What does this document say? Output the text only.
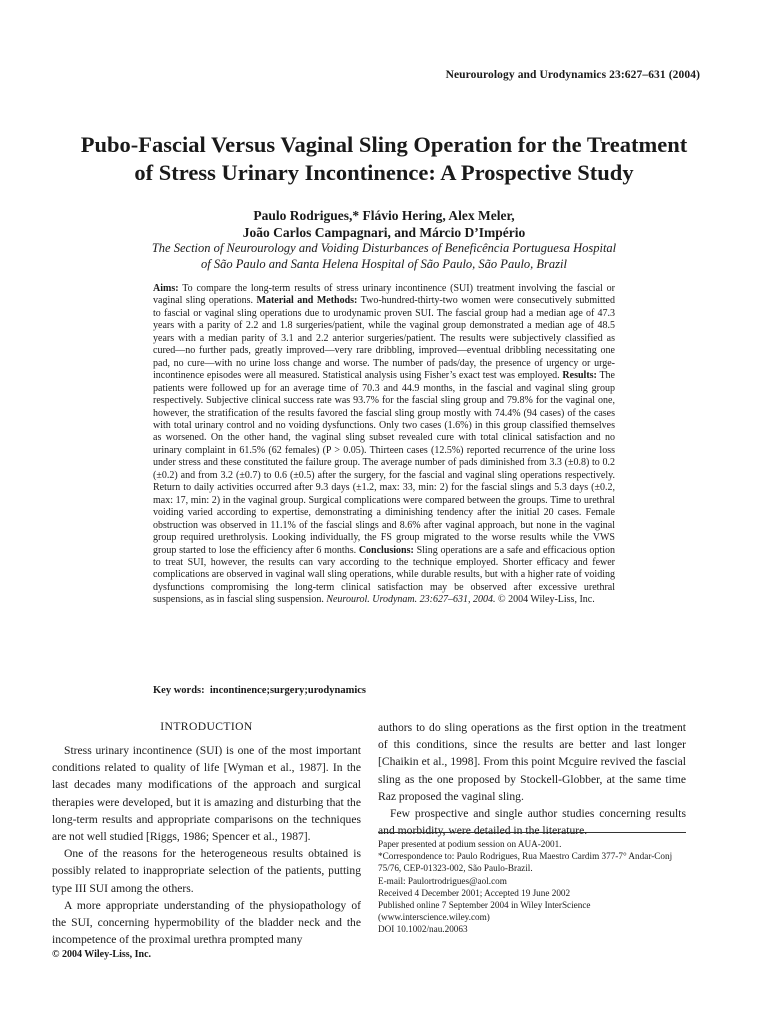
Neurourology and Urodynamics 23:627–631 (2004)
Pubo-Fascial Versus Vaginal Sling Operation for the Treatment
of Stress Urinary Incontinence: A Prospective Study
Paulo Rodrigues,* Flávio Hering, Alex Meler,
João Carlos Campagnari, and Márcio D’Império
The Section of Neurourology and Voiding Disturbances of Beneficência Portuguesa Hospital
of São Paulo and Santa Helena Hospital of São Paulo, São Paulo, Brazil

Aims: To compare the long-term results of stress urinary incontinence (SUI) treatment involving the fascial or vaginal sling operations. Material and Methods: Two-hundred-thirty-two women were consecutively submitted to fascial or vaginal sling operations due to urodynamic proven SUI. The fascial group had a median age of 47.3 years with a parity of 2.2 and 1.8 surgeries/patient, while the vaginal group demonstrated a median age of 48.5 years with a median parity of 3.1 and 2.2 anterior surgeries/patient. The results were subjectively classified as cured—no further pads, greatly improved—very rare dribbling, improved—eventual dribbling necessitating one pad, no cure—with no urine loss change and worse. The number of pads/day, the presence of urgency or urge-incontinence episodes were all measured. Statistical analysis using Fisher’s exact test was employed. Results: The patients were followed up for an average time of 70.3 and 44.9 months, in the fascial and vaginal sling group respectively. Subjective clinical success rate was 93.7% for the fascial sling group and 79.8% for the vaginal one, however, the stratification of the results favored the fascial sling group mostly with 74.4% (94 cases) of the cases with total urinary control and no voiding dysfunctions. Only two cases (1.6%) in this group classified themselves as worsened. On the other hand, the vaginal sling subset revealed cure with total clinical satisfaction and no urinary complaint in 61.5% (62 females) (P > 0.05). Thirteen cases (12.5%) reported recurrence of the urine loss under stress and these constituted the failure group. The average number of pads diminished from 3.3 (±0.8) to 0.2 (±0.2) and from 3.2 (±0.7) to 0.6 (±0.5) after the surgery, for the fascial and vaginal sling operations respectively. Return to daily activities occurred after 9.3 days (±1.2, max: 33, min: 2) for the fascial slings and 5.3 days (±0.2, max: 17, min: 2) in the vaginal group. Surgical complications were compared between the groups. Time to urethral voiding varied according to expertise, demonstrating a diminishing tendency after the initial 20 cases. Female obstruction was observed in 11.1% of the fascial slings and 8.6% after vaginal approach, but none in the vaginal group required urethrolysis. Looking individually, the FS group migrated to the worse results while the VWS group started to lose the efficiency after 6 months. Conclusions: Sling operations are a safe and efficacious option to treat SUI, however, the results can vary according to the technique employed. Shorter efficacy and fewer complications are observed in vaginal wall sling operations, while durable results, but with a higher rate of voiding dysfunctions compromising the long-term clinical satisfaction may be observed after excessive urethral suspensions, as in fascial sling suspension. Neurourol. Urodynam. 23:627–631, 2004. © 2004 Wiley-Liss, Inc.

Key words: incontinence;surgery;urodynamics
INTRODUCTION

Stress urinary incontinence (SUI) is one of the most important conditions related to quality of life [Wyman et al., 1987]. In the last decades many modifications of the approach and surgical therapies were developed, but it is amazing and disturbing that the long-term results and appropriate comparisons on the techniques are not well studied [Riggs, 1986; Spencer et al., 1987].

One of the reasons for the heterogeneous results obtained is possibly related to inappropriate selection of the patients, putting type III SUI among the others.

A more appropriate understanding of the physiopathology of the SUI, concerning hypermobility of the bladder neck and the incompetence of the proximal urethra prompted many

authors to do sling operations as the first option in the treatment of this conditions, since the results are better and last longer [Chaikin et al., 1998]. From this point Mcguire revived the fascial sling as the one proposed by Stockell-Globber, at the same time Raz proposed the vaginal sling.

Few prospective and single author studies concerning results and morbidity, were detailed in the literature.

Paper presented at podium session on AUA-2001.
*Correspondence to: Paulo Rodrigues, Rua Maestro Cardim 377-7° Andar-Conj 75/76, CEP-01323-002, São Paulo-Brazil.
E-mail: Paulortrodrigues@aol.com
Received 4 December 2001; Accepted 19 June 2002
Published online 7 September 2004 in Wiley InterScience (www.interscience.wiley.com)
DOI 10.1002/nau.20063
© 2004 Wiley-Liss, Inc.
